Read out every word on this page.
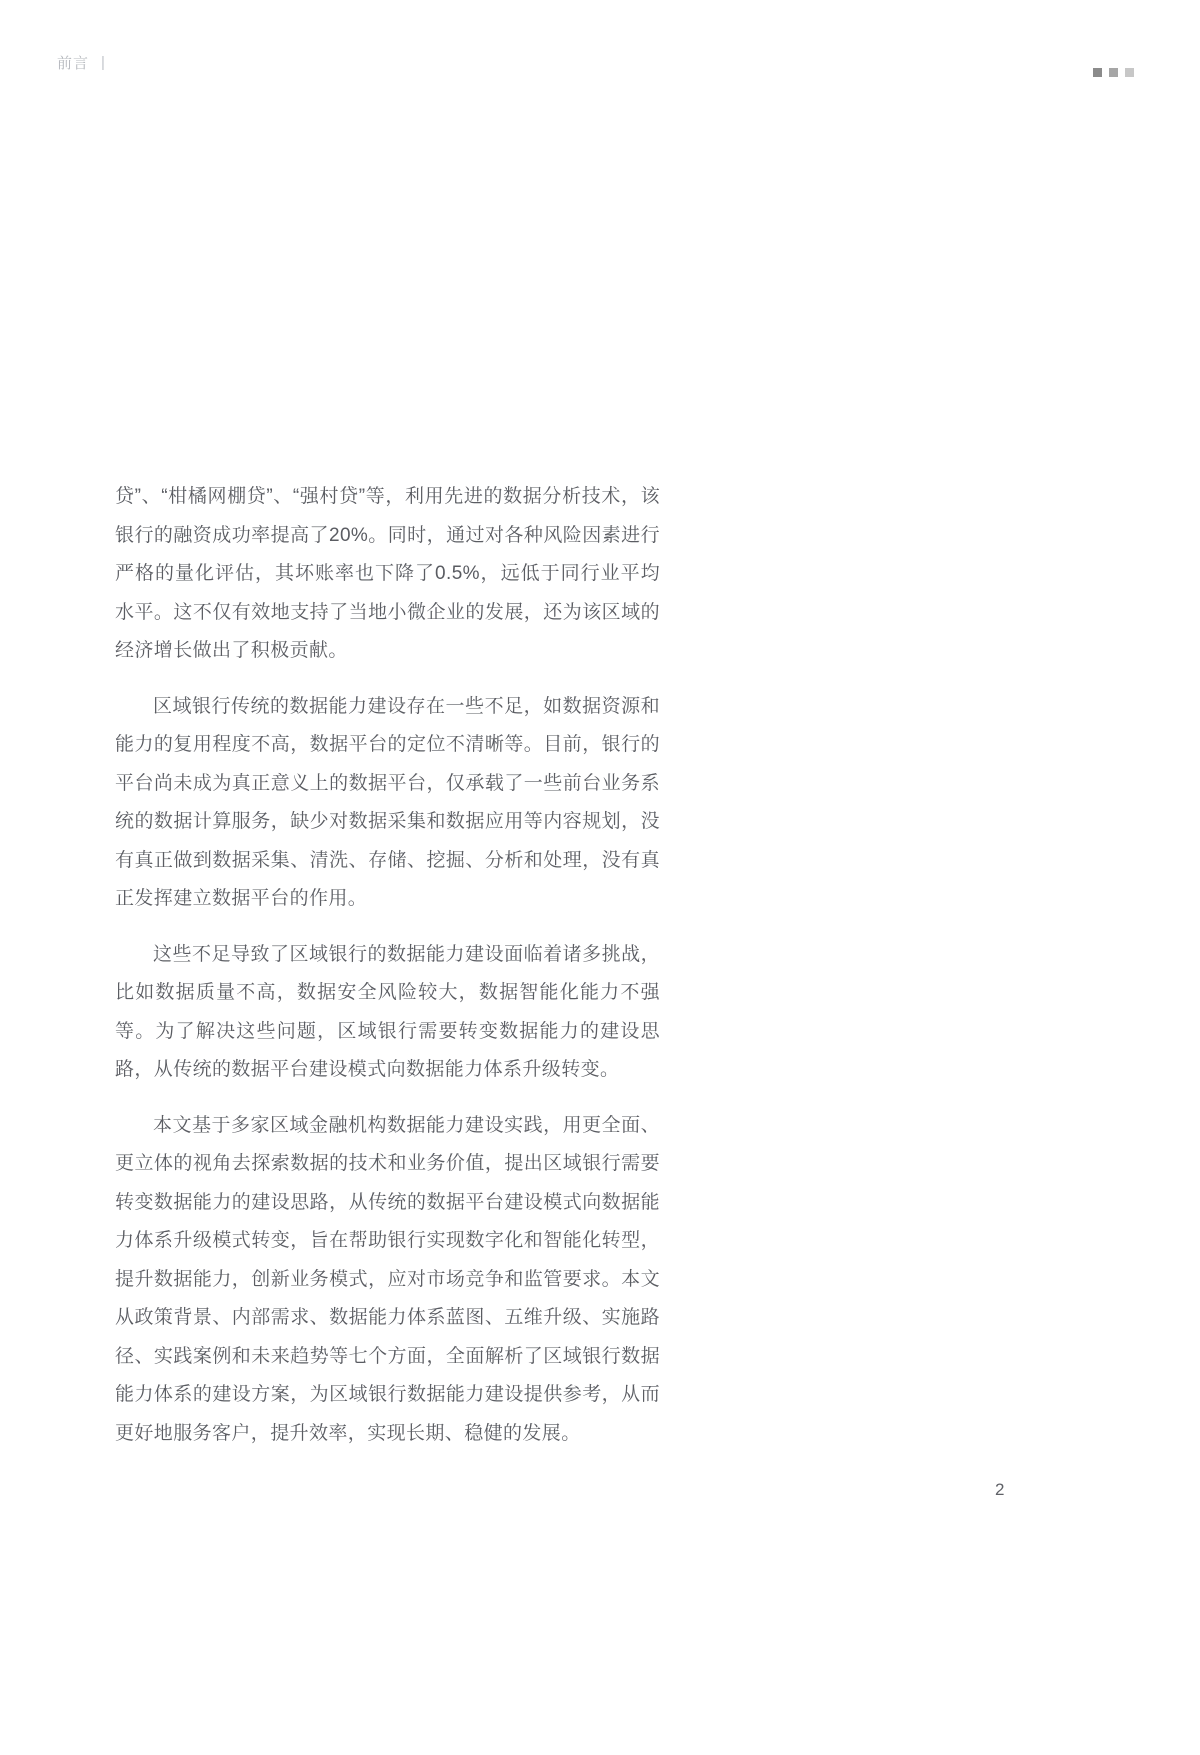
前言 |

贷”、“柑橘网棚贷”、“强村贷”等，利用先进的数据分析技术，该银行的融资成功率提高了20%。同时，通过对各种风险因素进行严格的量化评估，其坏账率也下降了0.5%，远低于同行业平均水平。这不仅有效地支持了当地小微企业的发展，还为该区域的经济增长做出了积极贡献。

区域银行传统的数据能力建设存在一些不足，如数据资源和能力的复用程度不高，数据平台的定位不清晰等。目前，银行的平台尚未成为真正意义上的数据平台，仅承载了一些前台业务系统的数据计算服务，缺少对数据采集和数据应用等内容规划，没有真正做到数据采集、清洗、存储、挖掘、分析和处理，没有真正发挥建立数据平台的作用。

这些不足导致了区域银行的数据能力建设面临着诸多挑战，比如数据质量不高，数据安全风险较大，数据智能化能力不强等。为了解决这些问题，区域银行需要转变数据能力的建设思路，从传统的数据平台建设模式向数据能力体系升级转变。

本文基于多家区域金融机构数据能力建设实践，用更全面、更立体的视角去探索数据的技术和业务价值，提出区域银行需要转变数据能力的建设思路，从传统的数据平台建设模式向数据能力体系升级模式转变，旨在帮助银行实现数字化和智能化转型，提升数据能力，创新业务模式，应对市场竞争和监管要求。本文从政策背景、内部需求、数据能力体系蓝图、五维升级、实施路径、实践案例和未来趋势等七个方面，全面解析了区域银行数据能力体系的建设方案，为区域银行数据能力建设提供参考，从而更好地服务客户，提升效率，实现长期、稳健的发展。

2
